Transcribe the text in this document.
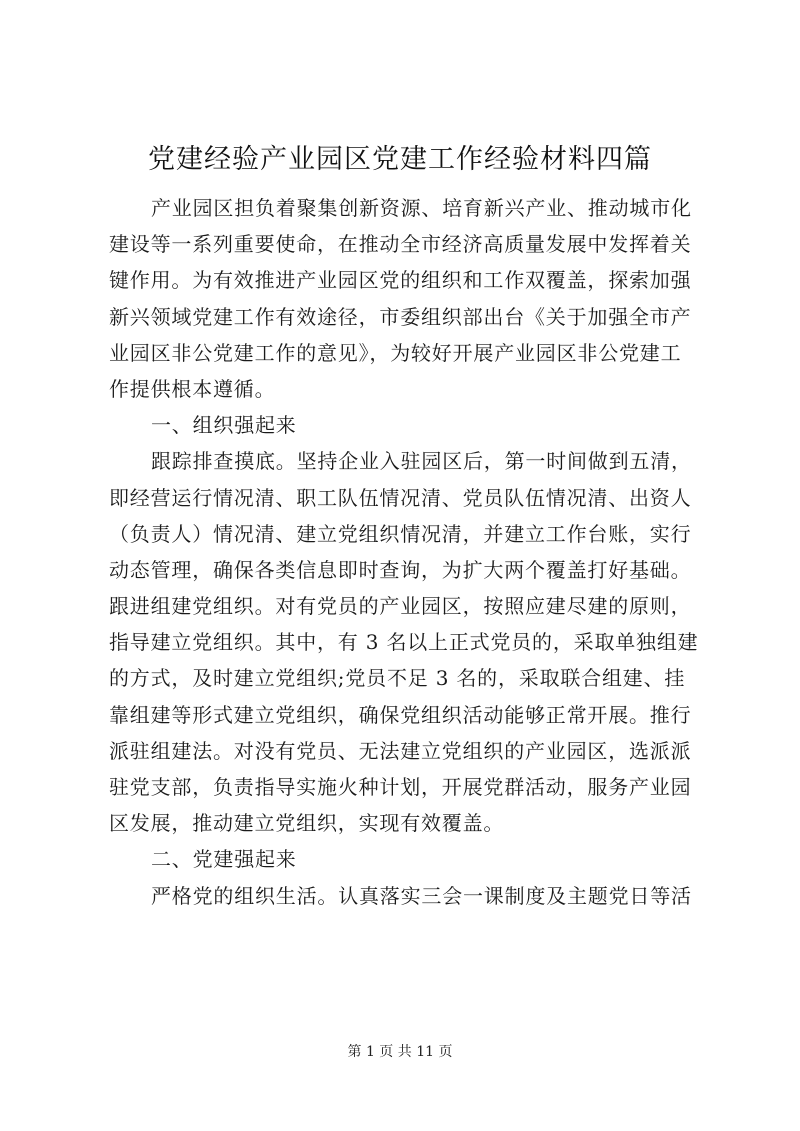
党建经验产业园区党建工作经验材料四篇
产业园区担负着聚集创新资源、培育新兴产业、推动城市化
建设等一系列重要使命，在推动全市经济高质量发展中发挥着关
键作用。为有效推进产业园区党的组织和工作双覆盖，探索加强
新兴领域党建工作有效途径，市委组织部出台《关于加强全市产
业园区非公党建工作的意见》，为较好开展产业园区非公党建工
作提供根本遵循。
一、组织强起来
跟踪排查摸底。坚持企业入驻园区后，第一时间做到五清，
即经营运行情况清、职工队伍情况清、党员队伍情况清、出资人
（负责人）情况清、建立党组织情况清，并建立工作台账，实行
动态管理，确保各类信息即时查询，为扩大两个覆盖打好基础。
跟进组建党组织。对有党员的产业园区，按照应建尽建的原则，
指导建立党组织。其中，有 3 名以上正式党员的，采取单独组建
的方式，及时建立党组织;党员不足 3 名的，采取联合组建、挂
靠组建等形式建立党组织，确保党组织活动能够正常开展。推行
派驻组建法。对没有党员、无法建立党组织的产业园区，选派派
驻党支部，负责指导实施火种计划，开展党群活动，服务产业园
区发展，推动建立党组织，实现有效覆盖。
二、党建强起来
严格党的组织生活。认真落实三会一课制度及主题党日等活
第 1 页 共 11 页
